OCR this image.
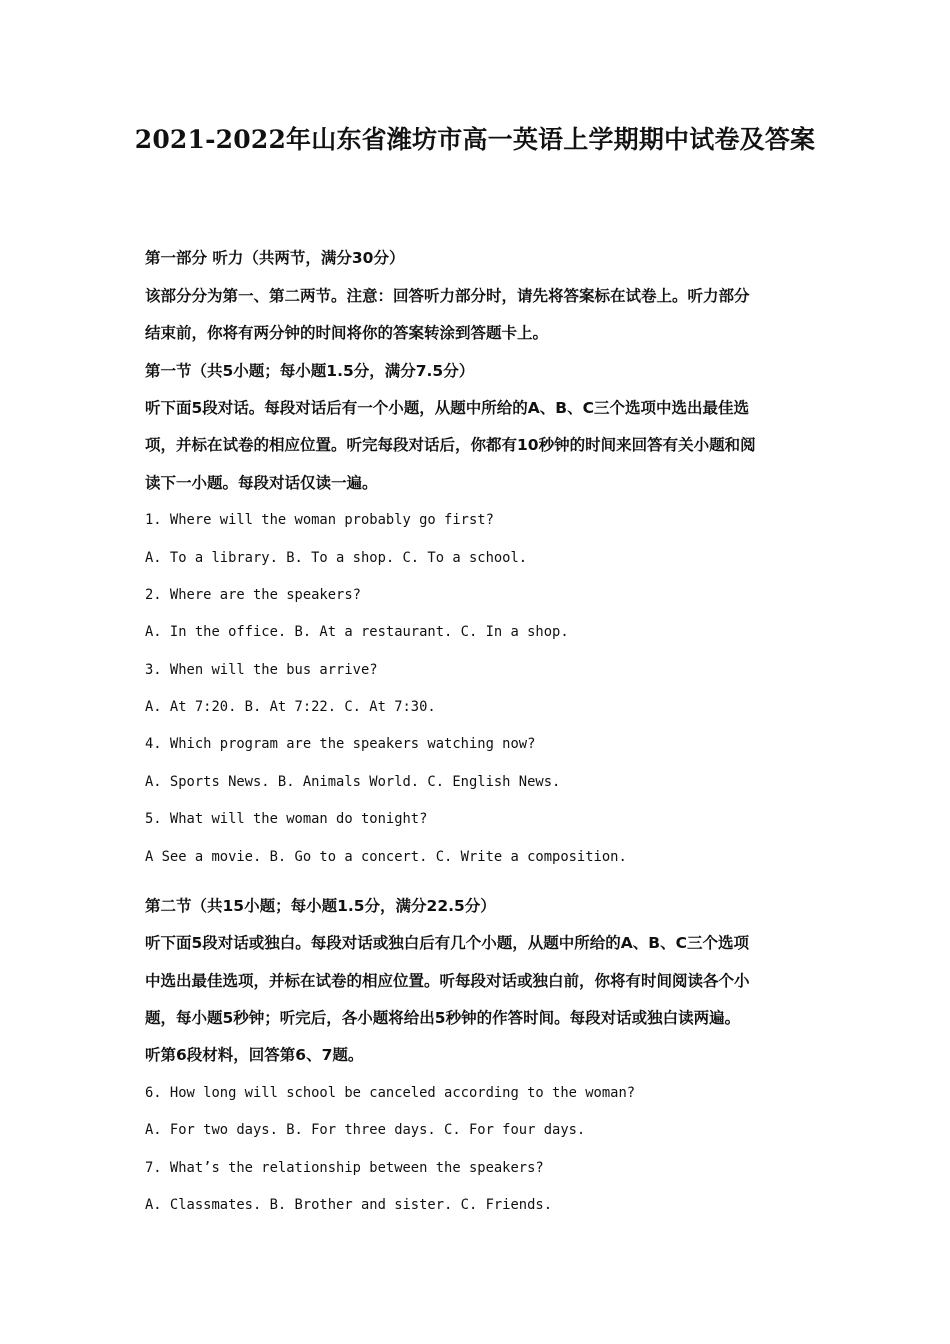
2021-2022年山东省潍坊市高一英语上学期期中试卷及答案

第一部分 听力（共两节，满分30分）

该部分分为第一、第二两节。注意：回答听力部分时，请先将答案标在试卷上。听力部分

结束前，你将有两分钟的时间将你的答案转涂到答题卡上。

第一节（共5小题；每小题1.5分，满分7.5分）

听下面5段对话。每段对话后有一个小题，从题中所给的A、B、C三个选项中选出最佳选

项，并标在试卷的相应位置。听完每段对话后，你都有10秒钟的时间来回答有关小题和阅

读下一小题。每段对话仅读一遍。

1. Where will the woman probably go first?

A. To a library. B. To a shop. C. To a school.

2. Where are the speakers?

A. In the office. B. At a restaurant. C. In a shop.

3. When will the bus arrive?

A. At 7:20. B. At 7:22. C. At 7:30.

4. Which program are the speakers watching now?

A. Sports News. B. Animals World. C. English News.

5. What will the woman do tonight?

A See a movie. B. Go to a concert. C. Write a composition.

第二节（共15小题；每小题1.5分，满分22.5分）

听下面5段对话或独白。每段对话或独白后有几个小题，从题中所给的A、B、C三个选项

中选出最佳选项，并标在试卷的相应位置。听每段对话或独白前，你将有时间阅读各个小

题，每小题5秒钟；听完后，各小题将给出5秒钟的作答时间。每段对话或独白读两遍。

听第6段材料，回答第6、7题。

6. How long will school be canceled according to the woman?

A. For two days. B. For three days. C. For four days.

7. What’s the relationship between the speakers?

A. Classmates. B. Brother and sister. C. Friends.
